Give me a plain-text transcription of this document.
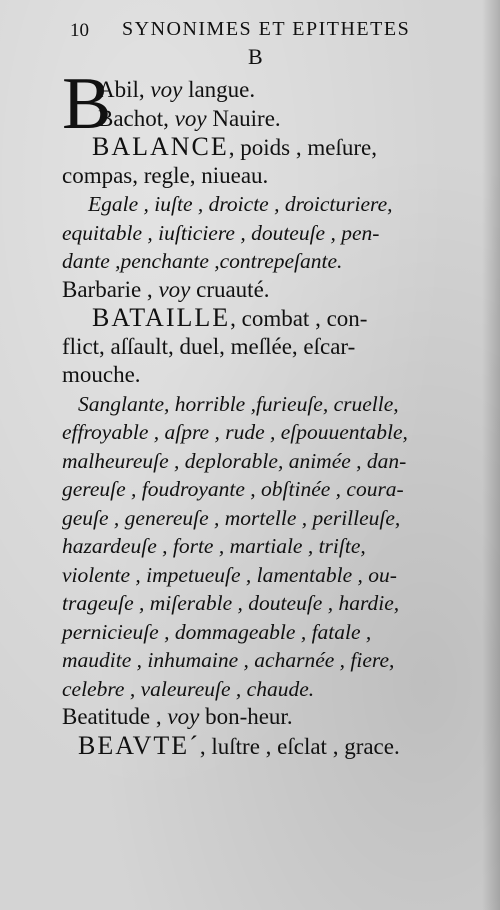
10 SYNONIMES ET EPITHETES
B
B
Abil, voy langue.
Bachot, voy Nauire.
BALANCE, poids , meſure,
compas, regle, niueau.
Egale , iuſte , droicte , droicturiere,
equitable , iuſticiere , douteuſe , pen-
dante ,penchante ,contrepeſante.
Barbarie , voy cruauté.
BATAILLE, combat , con-
flict, aſſault, duel, meſlée, eſcar-
mouche.
Sanglante, horrible ,furieuſe, cruelle,
effroyable , aſpre , rude , eſpouuentable,
malheureuſe , deplorable, animée , dan-
gereuſe , foudroyante , obſtinée , coura-
geuſe , genereuſe , mortelle , perilleuſe,
hazardeuſe , forte , martiale , triſte,
violente , impetueuſe , lamentable , ou-
trageuſe , miſerable , douteuſe , hardie,
pernicieuſe , dommageable , fatale ,
maudite , inhumaine , acharnée , fiere,
celebre , valeureuſe , chaude.
Beatitude , voy bon-heur.
BEAVTE´, luſtre , eſclat , grace.
